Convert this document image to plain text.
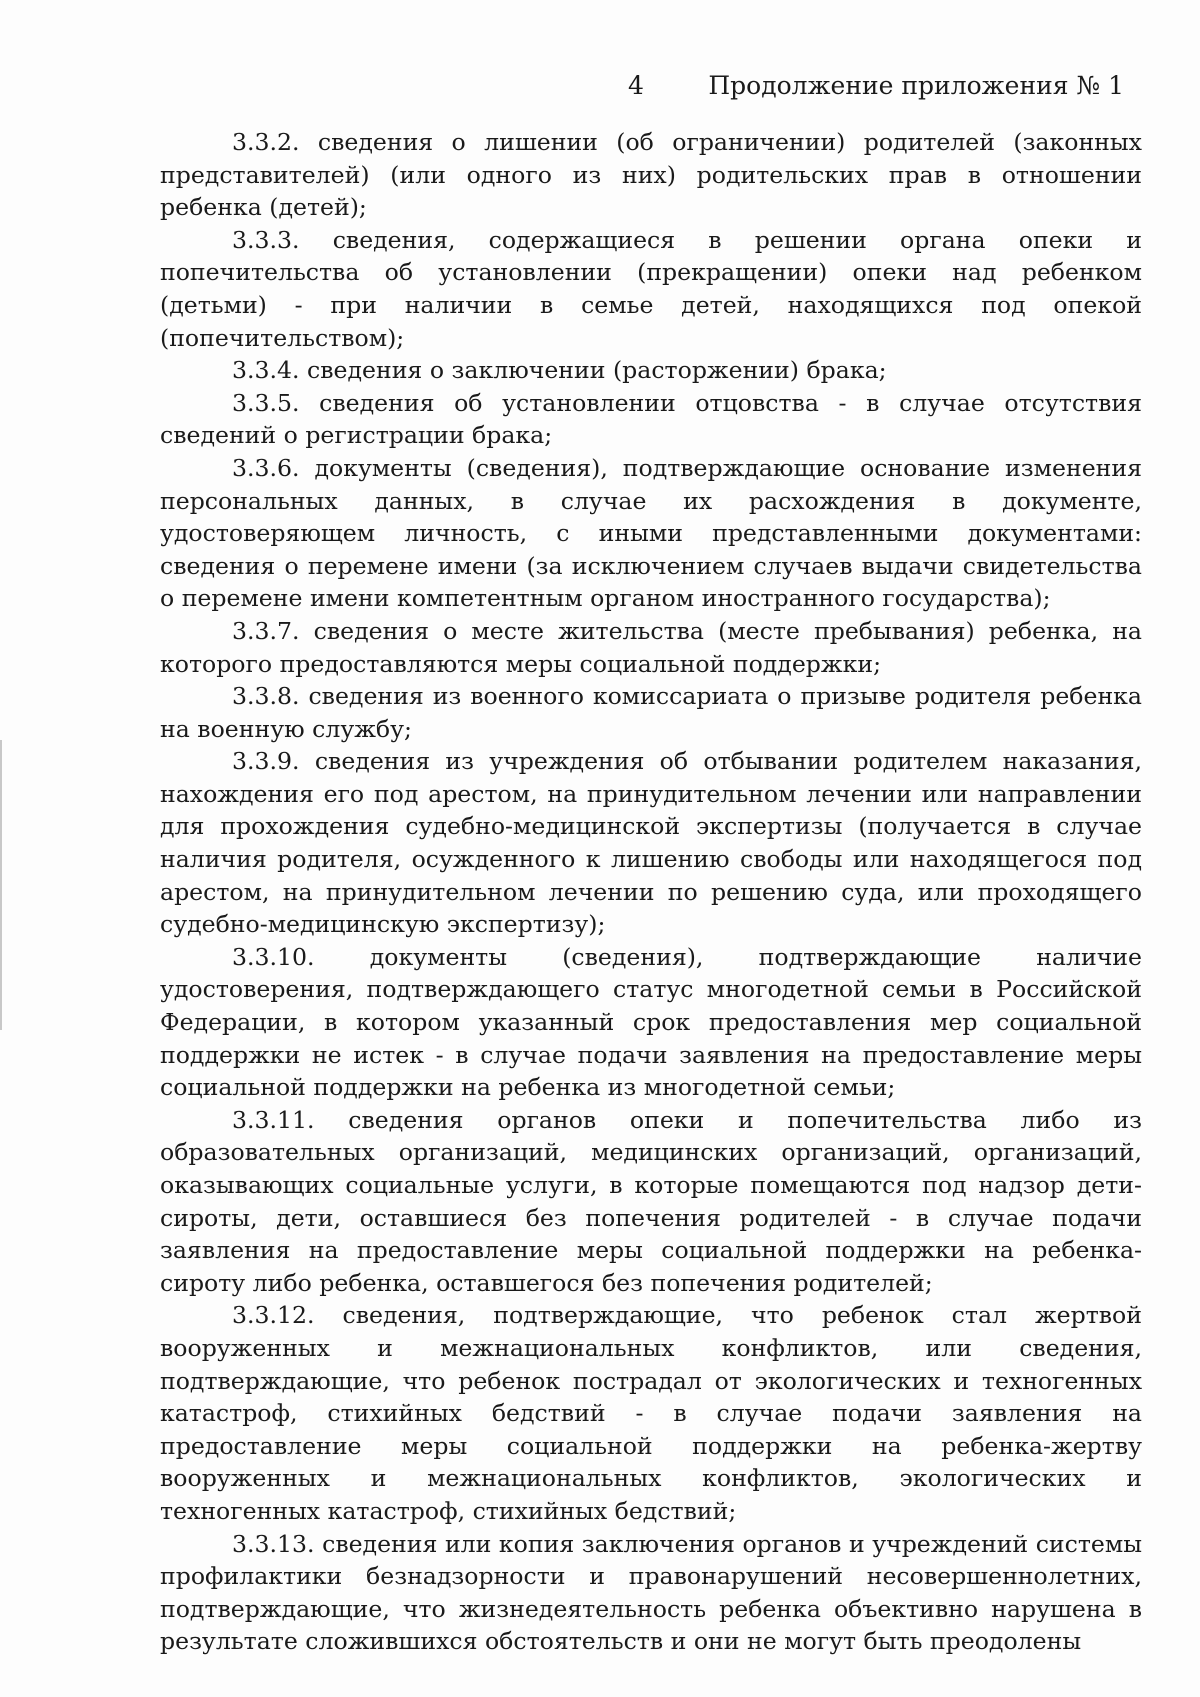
4	Продолжение приложения № 1

3.3.2. сведения о лишении (об ограничении) родителей (законных представителей) (или одного из них) родительских прав в отношении ребенка (детей);

3.3.3. сведения, содержащиеся в решении органа опеки и попечительства об установлении (прекращении) опеки над ребенком (детьми) - при наличии в семье детей, находящихся под опекой (попечительством);

3.3.4. сведения о заключении (расторжении) брака;

3.3.5. сведения об установлении отцовства - в случае отсутствия сведений о регистрации брака;

3.3.6. документы (сведения), подтверждающие основание изменения персональных данных, в случае их расхождения в документе, удостоверяющем личность, с иными представленными документами: сведения о перемене имени (за исключением случаев выдачи свидетельства о перемене имени компетентным органом иностранного государства);

3.3.7. сведения о месте жительства (месте пребывания) ребенка, на которого предоставляются меры социальной поддержки;

3.3.8. сведения из военного комиссариата о призыве родителя ребенка на военную службу;

3.3.9. сведения из учреждения об отбывании родителем наказания, нахождения его под арестом, на принудительном лечении или направлении для прохождения судебно-медицинской экспертизы (получается в случае наличия родителя, осужденного к лишению свободы или находящегося под арестом, на принудительном лечении по решению суда, или проходящего судебно-медицинскую экспертизу);

3.3.10. документы (сведения), подтверждающие наличие удостоверения, подтверждающего статус многодетной семьи в Российской Федерации, в котором указанный срок предоставления мер социальной поддержки не истек - в случае подачи заявления на предоставление меры социальной поддержки на ребенка из многодетной семьи;

3.3.11. сведения органов опеки и попечительства либо из образовательных организаций, медицинских организаций, организаций, оказывающих социальные услуги, в которые помещаются под надзор дети-сироты, дети, оставшиеся без попечения родителей - в случае подачи заявления на предоставление меры социальной поддержки на ребенка-сироту либо ребенка, оставшегося без попечения родителей;

3.3.12. сведения, подтверждающие, что ребенок стал жертвой вооруженных и межнациональных конфликтов, или сведения, подтверждающие, что ребенок пострадал от экологических и техногенных катастроф, стихийных бедствий - в случае подачи заявления на предоставление меры социальной поддержки на ребенка-жертву вооруженных и межнациональных конфликтов, экологических и техногенных катастроф, стихийных бедствий;

3.3.13. сведения или копия заключения органов и учреждений системы профилактики безнадзорности и правонарушений несовершеннолетних, подтверждающие, что жизнедеятельность ребенка объективно нарушена в результате сложившихся обстоятельств и они не могут быть преодолены
